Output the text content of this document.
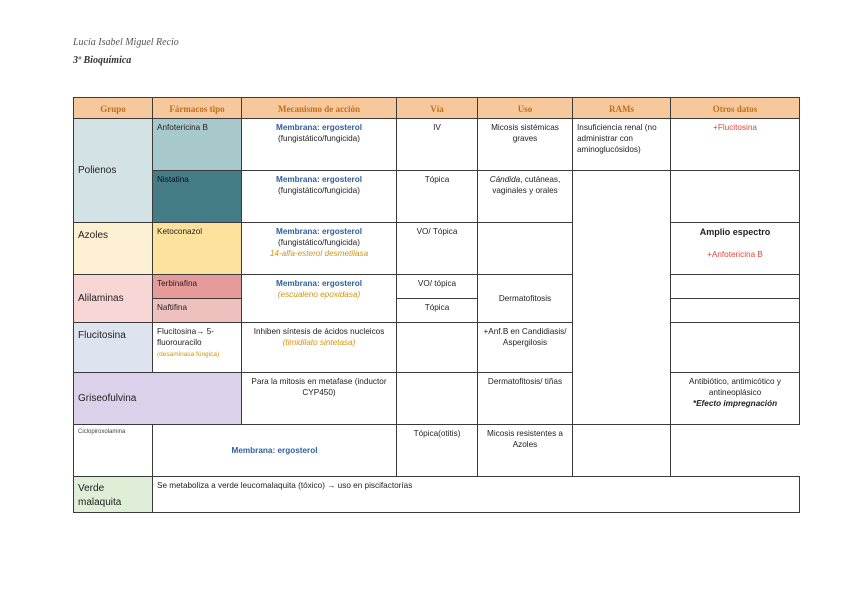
Lucía Isabel Miguel Recio
3º Bioquímica
Grupo	Fármacos tipo	Mecanismo de acción	Vía	Uso	RAMs	Otros datos
Polienos	Anfotericina B	Membrana: ergosterol
(fungistático/fungicida)	IV	Micosis sistémicas graves	Insuficiencia renal (no administrar con aminoglucósidos)	+Flucitosina
	Nistatina	Membrana: ergosterol
(fungistático/fungicida)	Tópica	Cándida, cutáneas, vaginales y orales		
Azoles	Ketoconazol	Membrana: ergosterol
(fungistático/fungicida)
14-alfa-esterol desmetilasa	VO/ Tópica			Amplio espectro

+Anfotericina B
Alilaminas	Terbinafina	Membrana: ergosterol
(escualeno epoxidasa)	VO/ tópica	Dermatofitosis		
	Naftifina		Tópica			
Flucitosina	Flucitosina→ 5-fluorouracilo
(desaminasa fúngica)	Inhiben síntesis de ácidos nucleicos (timidilato sintetasa)		+Anf.B en Candidiasis/ Aspergilosis		
Griseofulvina		Para la mitosis en metafase (inductor CYP450)		Dermatofitosis/ tiñas		Antibiótico, antimicótico y antineoplásico
*Efecto impregnación
Ciclopiroxolamina	Membrana: ergosterol		Tópica(otitis)	Micosis resistentes a Azoles		
Verde malaquita	Se metaboliza a verde leucomalaquita (tóxico) → uso en piscifactorías					
